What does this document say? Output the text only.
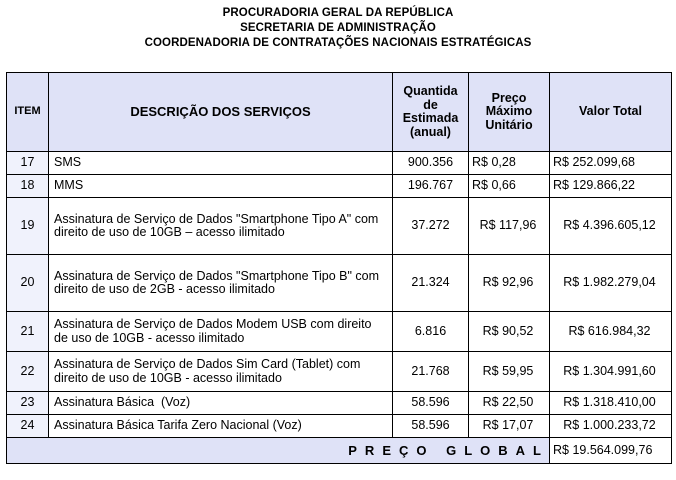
PROCURADORIA GERAL DA REPÚBLICA
SECRETARIA DE ADMINISTRAÇÃO
COORDENADORIA DE CONTRATAÇÕES NACIONAIS ESTRATÉGICAS
ITEM	DESCRIÇÃO DOS SERVIÇOS	Quantida de Estimada (anual)	Preço Máximo Unitário	Valor Total
17	SMS	900.356	R$ 0,28	R$ 252.099,68
18	MMS	196.767	R$ 0,66	R$ 129.866,22
19	Assinatura de Serviço de Dados "Smartphone Tipo A" com direito de uso de 10GB – acesso ilimitado	37.272	R$ 117,96	R$ 4.396.605,12
20	Assinatura de Serviço de Dados "Smartphone Tipo B" com direito de uso de 2GB - acesso ilimitado	21.324	R$ 92,96	R$ 1.982.279,04
21	Assinatura de Serviço de Dados Modem USB com direito de uso de 10GB - acesso ilimitado	6.816	R$ 90,52	R$ 616.984,32
22	Assinatura de Serviço de Dados Sim Card (Tablet) com direito de uso de 10GB - acesso ilimitado	21.768	R$ 59,95	R$ 1.304.991,60
23	Assinatura Básica  (Voz)	58.596	R$ 22,50	R$ 1.318.410,00
24	Assinatura Básica Tarifa Zero Nacional (Voz)	58.596	R$ 17,07	R$ 1.000.233,72
PREÇO GLOBAL				R$ 19.564.099,76
